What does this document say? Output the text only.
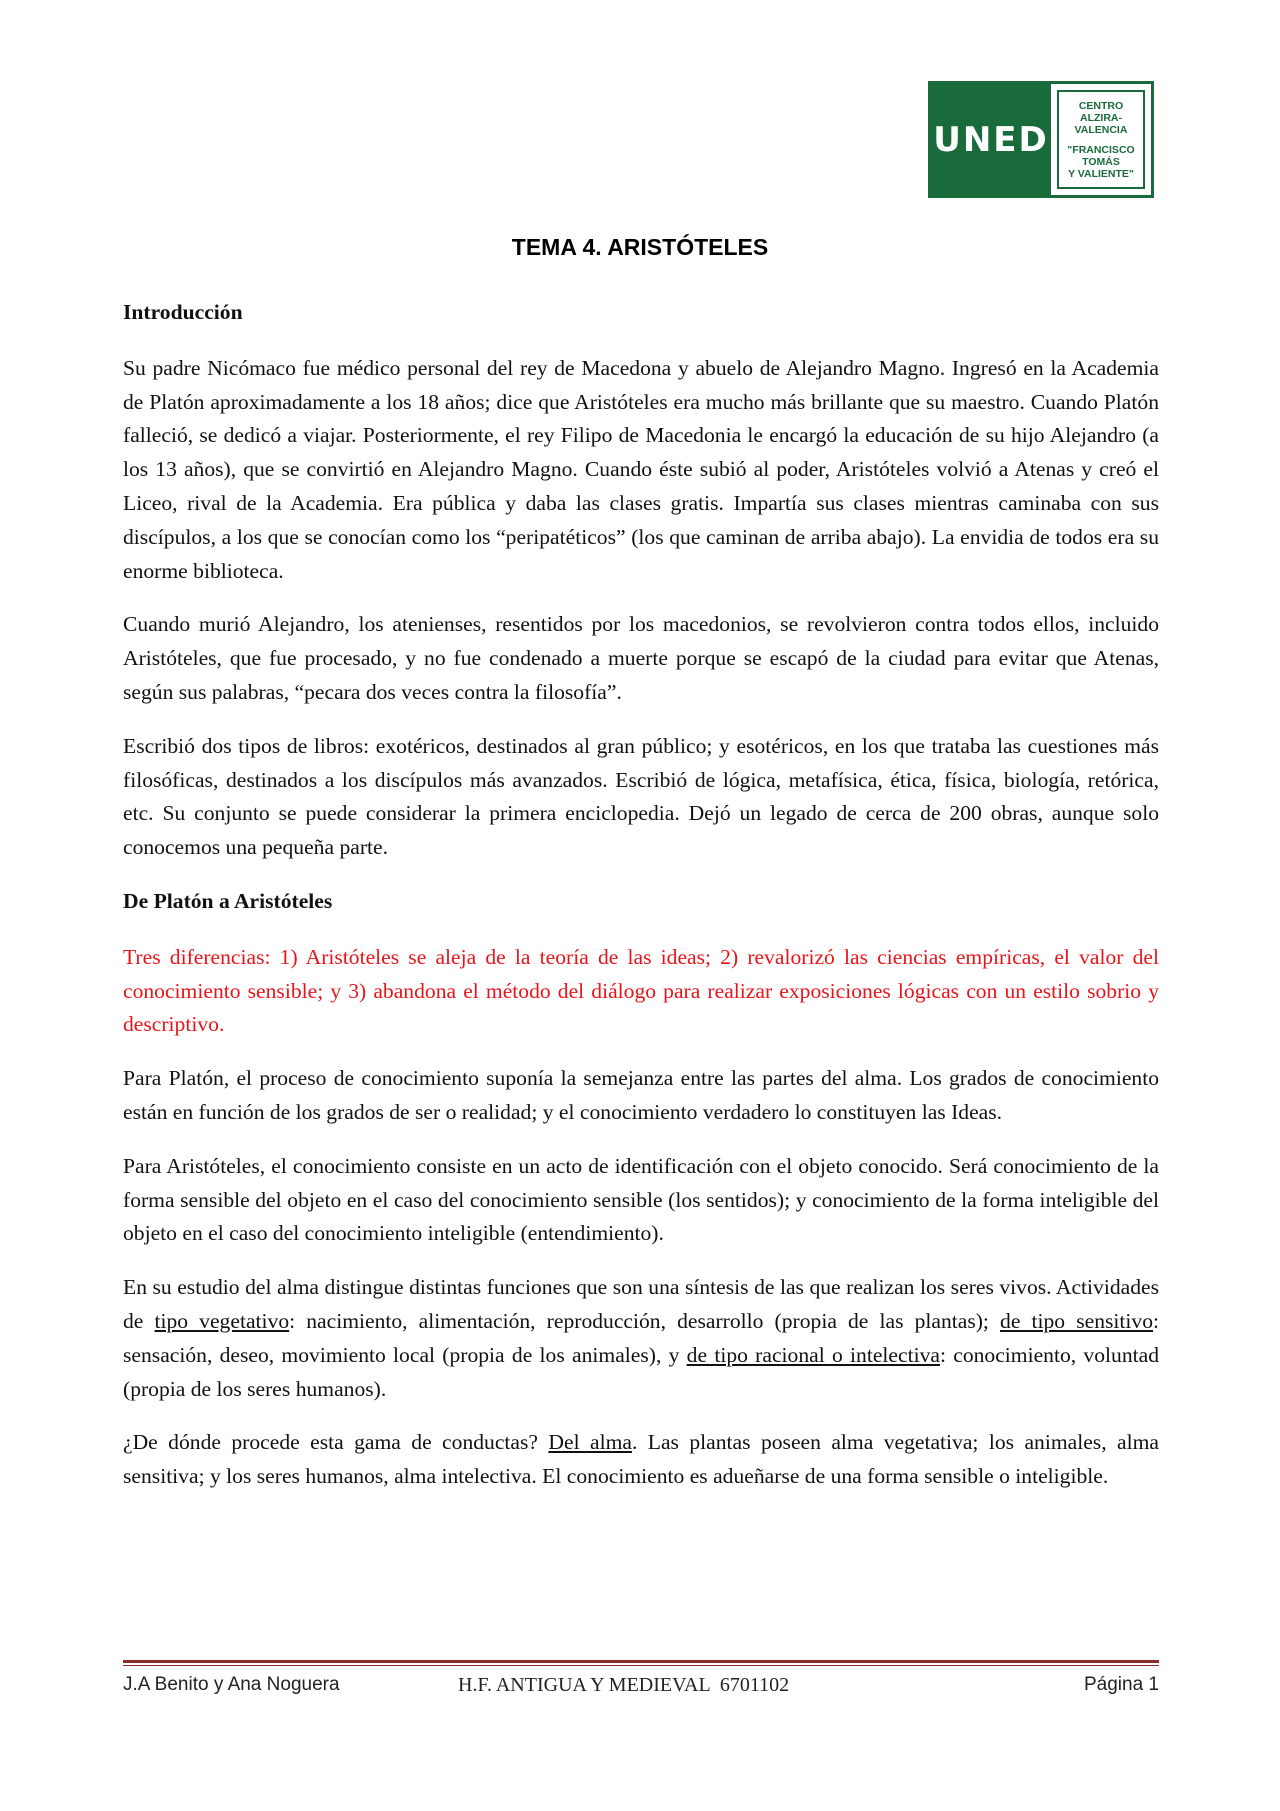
UNED
CENTRO
ALZIRA-VALENCIA
"FRANCISCO
TOMÁS
Y VALIENTE"
TEMA 4. ARISTÓTELES
Introducción

Su padre Nicómaco fue médico personal del rey de Macedona y abuelo de Alejandro Magno. Ingresó en la Academia de Platón aproximadamente a los 18 años; dice que Aristóteles era mucho más brillante que su maestro. Cuando Platón falleció, se dedicó a viajar. Posteriormente, el rey Filipo de Macedonia le encargó la educación de su hijo Alejandro (a los 13 años), que se convirtió en Alejandro Magno. Cuando éste subió al poder, Aristóteles volvió a Atenas y creó el Liceo, rival de la Academia. Era pública y daba las clases gratis. Impartía sus clases mientras caminaba con sus discípulos, a los que se conocían como los “peripatéticos” (los que caminan de arriba abajo). La envidia de todos era su enorme biblioteca.

Cuando murió Alejandro, los atenienses, resentidos por los macedonios, se revolvieron contra todos ellos, incluido Aristóteles, que fue procesado, y no fue condenado a muerte porque se escapó de la ciudad para evitar que Atenas, según sus palabras, “pecara dos veces contra la filosofía”.

Escribió dos tipos de libros: exotéricos, destinados al gran público; y esotéricos, en los que trataba las cuestiones más filosóficas, destinados a los discípulos más avanzados. Escribió de lógica, metafísica, ética, física, biología, retórica, etc. Su conjunto se puede considerar la primera enciclopedia. Dejó un legado de cerca de 200 obras, aunque solo conocemos una pequeña parte.

De Platón a Aristóteles

Tres diferencias: 1) Aristóteles se aleja de la teoría de las ideas; 2) revalorizó las ciencias empíricas, el valor del conocimiento sensible; y 3) abandona el método del diálogo para realizar exposiciones lógicas con un estilo sobrio y descriptivo.

Para Platón, el proceso de conocimiento suponía la semejanza entre las partes del alma. Los grados de conocimiento están en función de los grados de ser o realidad; y el conocimiento verdadero lo constituyen las Ideas.

Para Aristóteles, el conocimiento consiste en un acto de identificación con el objeto conocido. Será conocimiento de la forma sensible del objeto en el caso del conocimiento sensible (los sentidos); y conocimiento de la forma inteligible del objeto en el caso del conocimiento inteligible (entendimiento).

En su estudio del alma distingue distintas funciones que son una síntesis de las que realizan los seres vivos. Actividades de tipo vegetativo: nacimiento, alimentación, reproducción, desarrollo (propia de las plantas); de tipo sensitivo: sensación, deseo, movimiento local (propia de los animales), y de tipo racional o intelectiva: conocimiento, voluntad (propia de los seres humanos).

¿De dónde procede esta gama de conductas? Del alma. Las plantas poseen alma vegetativa; los animales, alma sensitiva; y los seres humanos, alma intelectiva. El conocimiento es adueñarse de una forma sensible o inteligible.

J.A Benito y Ana Noguera	H.F. ANTIGUA Y MEDIEVAL  6701102	Página 1
